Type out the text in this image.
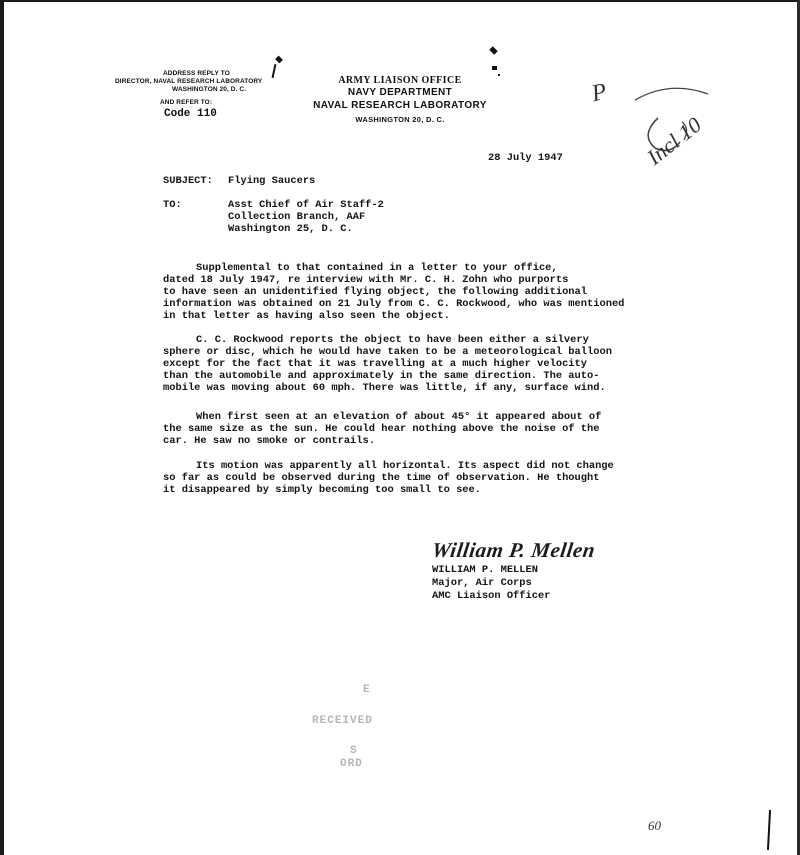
ADDRESS REPLY TO
DIRECTOR, NAVAL RESEARCH LABORATORY
WASHINGTON 20, D. C.
AND REFER TO:
Code 110
ARMY LIAISON OFFICE
NAVY DEPARTMENT
NAVAL RESEARCH LABORATORY
WASHINGTON 20, D. C.
P
Incl 10
28 July 1947
SUBJECT: Flying Saucers
TO:	Asst Chief of Air Staff-2
Collection Branch, AAF
Washington 25, D. C.
Supplemental to that contained in a letter to your office,
dated 18 July 1947, re interview with Mr. C. H. Zohn who purports
to have seen an unidentified flying object, the following additional
information was obtained on 21 July from C. C. Rockwood, who was mentioned
in that letter as having also seen the object.
C. C. Rockwood reports the object to have been either a silvery
sphere or disc, which he would have taken to be a meteorological balloon
except for the fact that it was travelling at a much higher velocity
than the automobile and approximately in the same direction. The auto-
mobile was moving about 60 mph. There was little, if any, surface wind.
When first seen at an elevation of about 45° it appeared about of
the same size as the sun. He could hear nothing above the noise of the
car. He saw no smoke or contrails.
Its motion was apparently all horizontal. Its aspect did not change
so far as could be observed during the time of observation. He thought
it disappeared by simply becoming too small to see.
William P. Mellen
WILLIAM P. MELLEN
Major, Air Corps
AMC Liaison Officer
E
RECEIVED
S
ORD
60
